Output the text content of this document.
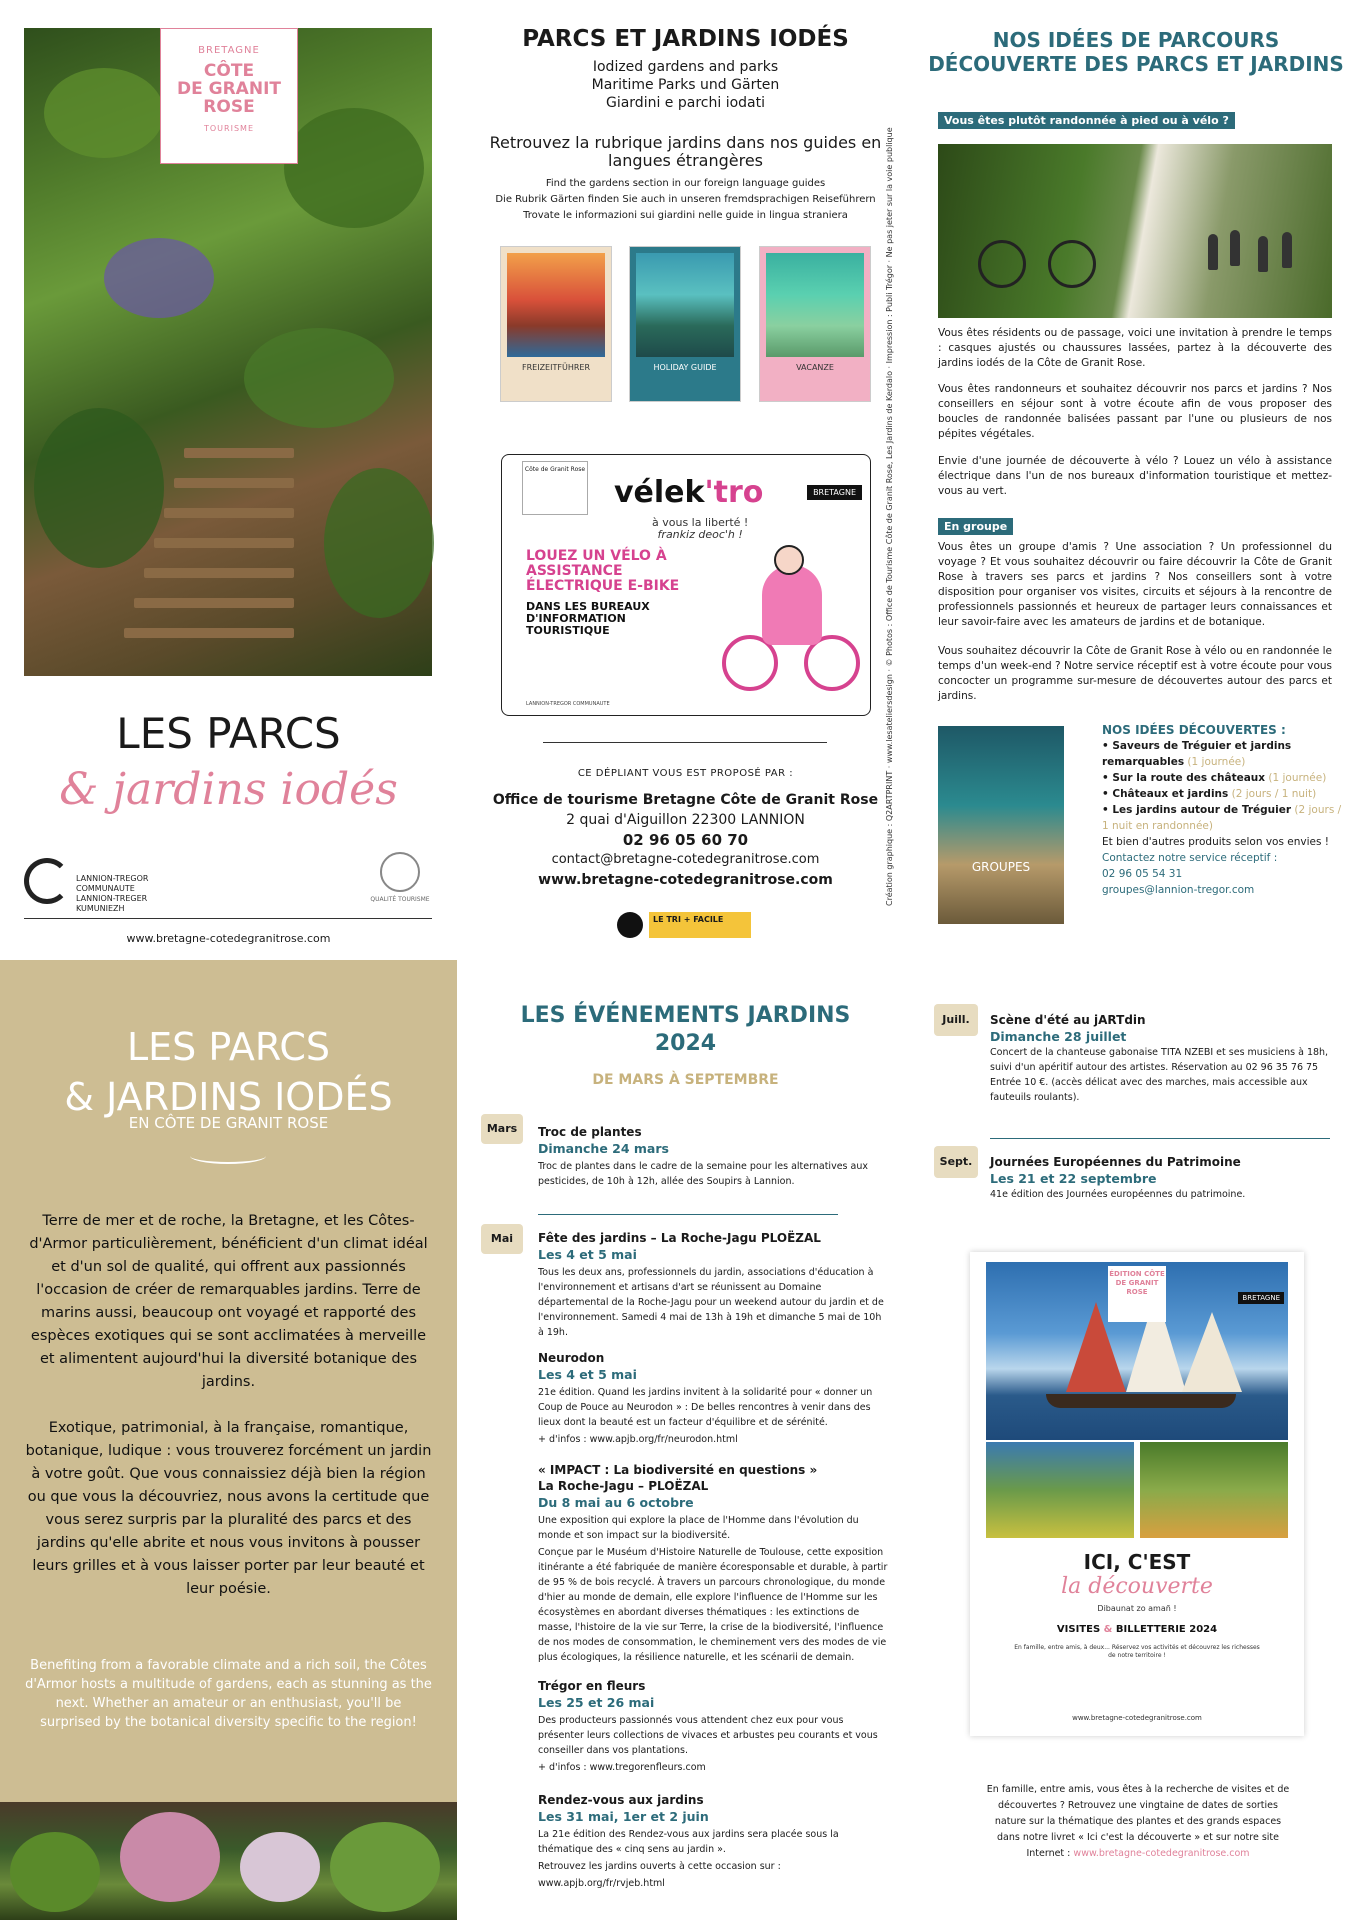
BRETAGNE
CÔTE
DE GRANIT
ROSE
TOURISME
LES PARCS
& jardins iodés
LANNION-TREGOR
COMMUNAUTE
LANNION-TREGER
KUMUNIEZH
QUALITÉ TOURISME
www.bretagne-cotedegranitrose.com
PARCS ET JARDINS IODÉS
Iodized gardens and parks
Maritime Parks und Gärten
Giardini e parchi iodati
Retrouvez la rubrique jardins dans nos guides en langues étrangères
Find the gardens section in our foreign language guides
Die Rubrik Gärten finden Sie auch in unseren fremdsprachigen Reiseführern
Trovate le informazioni sui giardini nelle guide in lingua straniera
FREIZEITFÜHRER	HOLIDAY GUIDE	VACANZE
Côte de Granit Rose
vélek'tro
à vous la liberté !
frankiz deoc'h !
BRETAGNE
LOUEZ UN VÉLO À ASSISTANCE ÉLECTRIQUE E-BIKE
DANS LES BUREAUX D'INFORMATION TOURISTIQUE
LANNION-TREGOR COMMUNAUTE	Création graphique : Q2ARTPRINT · www.lesateliersdesign · © Photos : Office de Tourisme Côte de Granit Rose, Les Jardins de Kerdalo · Impression : Publi Trégor · Ne pas jeter sur la voie publique
CE DÉPLIANT VOUS EST PROPOSÉ PAR :
Office de tourisme Bretagne Côte de Granit Rose
2 quai d'Aiguillon 22300 LANNION
02 96 05 60 70
contact@bretagne-cotedegranitrose.com
www.bretagne-cotedegranitrose.com
LE TRI + FACILE
NOS IDÉES DE PARCOURS
DÉCOUVERTE DES PARCS ET JARDINS
Vous êtes plutôt randonnée à pied ou à vélo ?
Vous êtes résidents ou de passage, voici une invitation à prendre le temps : casques ajustés ou chaussures lassées, partez à la découverte des jardins iodés de la Côte de Granit Rose.
Vous êtes randonneurs et souhaitez découvrir nos parcs et jardins ? Nos conseillers en séjour sont à votre écoute afin de vous proposer des boucles de randonnée balisées passant par l'une ou plusieurs de nos pépites végétales.
Envie d'une journée de découverte à vélo ? Louez un vélo à assistance électrique dans l'un de nos bureaux d'information touristique et mettez-vous au vert.
En groupe
Vous êtes un groupe d'amis ? Une association ? Un professionnel du voyage ? Et vous souhaitez découvrir ou faire découvrir la Côte de Granit Rose à travers ses parcs et jardins ? Nos conseillers sont à votre disposition pour organiser vos visites, circuits et séjours à la rencontre de professionnels passionnés et heureux de partager leurs connaissances et leur savoir-faire avec les amateurs de jardins et de botanique.
Vous souhaitez découvrir la Côte de Granit Rose à vélo ou en randonnée le temps d'un week-end ? Notre service réceptif est à votre écoute pour vous concocter un programme sur-mesure de découvertes autour des parcs et jardins.
GROUPES
NOS IDÉES DÉCOUVERTES :
• Saveurs de Tréguier et jardins remarquables (1 journée)
• Sur la route des châteaux (1 journée)
• Châteaux et jardins (2 jours / 1 nuit)
• Les jardins autour de Tréguier (2 jours / 1 nuit en randonnée)
Et bien d'autres produits selon vos envies !
Contactez notre service réceptif :
02 96 05 54 31
groupes@lannion-tregor.com
LES PARCS
& JARDINS IODÉS
EN CÔTE DE GRANIT ROSE
Terre de mer et de roche, la Bretagne, et les Côtes-d'Armor particulièrement, bénéficient d'un climat idéal et d'un sol de qualité, qui offrent aux passionnés l'occasion de créer de remarquables jardins. Terre de marins aussi, beaucoup ont voyagé et rapporté des espèces exotiques qui se sont acclimatées à merveille et alimentent aujourd'hui la diversité botanique des jardins.
Exotique, patrimonial, à la française, romantique, botanique, ludique : vous trouverez forcément un jardin à votre goût. Que vous connaissiez déjà bien la région ou que vous la découvriez, nous avons la certitude que vous serez surpris par la pluralité des parcs et des jardins qu'elle abrite et nous vous invitons à pousser leurs grilles et à vous laisser porter par leur beauté et leur poésie.
Benefiting from a favorable climate and a rich soil, the Côtes d'Armor hosts a multitude of gardens, each as stunning as the next. Whether an amateur or an enthusiast, you'll be surprised by the botanical diversity specific to the region!
LES ÉVÉNEMENTS JARDINS
2024
DE MARS À SEPTEMBRE
Mars	Troc de plantes
Dimanche 24 mars

Troc de plantes dans le cadre de la semaine pour les alternatives aux pesticides, de 10h à 12h, allée des Soupirs à Lannion.

Mai	Fête des jardins – La Roche-Jagu PLOËZAL
Les 4 et 5 mai

Tous les deux ans, professionnels du jardin, associations d'éducation à l'environnement et artisans d'art se réunissent au Domaine départemental de la Roche-Jagu pour un weekend autour du jardin et de l'environnement. Samedi 4 mai de 13h à 19h et dimanche 5 mai de 10h à 19h.

Neurodon
Les 4 et 5 mai

21e édition. Quand les jardins invitent à la solidarité pour « donner un Coup de Pouce au Neurodon » : De belles rencontres à venir dans des lieux dont la beauté est un facteur d'équilibre et de sérénité.

+ d'infos : www.apjb.org/fr/neurodon.html

« IMPACT : La biodiversité en questions »
La Roche-Jagu – PLOËZAL
Du 8 mai au 6 octobre

Une exposition qui explore la place de l'Homme dans l'évolution du monde et son impact sur la biodiversité.

Conçue par le Muséum d'Histoire Naturelle de Toulouse, cette exposition itinérante a été fabriquée de manière écoresponsable et durable, à partir de 95 % de bois recyclé. À travers un parcours chronologique, du monde d'hier au monde de demain, elle explore l'influence de l'Homme sur les écosystèmes en abordant diverses thématiques : les extinctions de masse, l'histoire de la vie sur Terre, la crise de la biodiversité, l'influence de nos modes de consommation, le cheminement vers des modes de vie plus écologiques, la résilience naturelle, et les scénarii de demain.

Trégor en fleurs
Les 25 et 26 mai

Des producteurs passionnés vous attendent chez eux pour vous présenter leurs collections de vivaces et arbustes peu courants et vous conseiller dans vos plantations.

+ d'infos : www.tregorenfleurs.com

Rendez-vous aux jardins
Les 31 mai, 1er et 2 juin

La 21e édition des Rendez-vous aux jardins sera placée sous la thématique des « cinq sens au jardin ».

Retrouvez les jardins ouverts à cette occasion sur :

www.apjb.org/fr/rvjeb.html

Juill.	Scène d'été au jARTdin
Dimanche 28 juillet

Concert de la chanteuse gabonaise TITA NZEBI et ses musiciens à 18h, suivi d'un apéritif autour des artistes. Réservation au 02 96 35 76 75 Entrée 10 €. (accès délicat avec des marches, mais accessible aux fauteuils roulants).

Sept.	Journées Européennes du Patrimoine
Les 21 et 22 septembre

41e édition des Journées européennes du patrimoine.

ÉDITION CÔTE DE GRANIT ROSE
BRETAGNE
ICI, C'EST
la découverte
Dibaunat zo amañ !
VISITES & BILLETTERIE 2024
En famille, entre amis, à deux... Réservez vos activités et découvrez les richesses de notre territoire !
www.bretagne-cotedegranitrose.com
En famille, entre amis, vous êtes à la recherche de visites et de découvertes ? Retrouvez une vingtaine de dates de sorties nature sur la thématique des plantes et des grands espaces dans notre livret « Ici c'est la découverte » et sur notre site Internet : www.bretagne-cotedegranitrose.com
